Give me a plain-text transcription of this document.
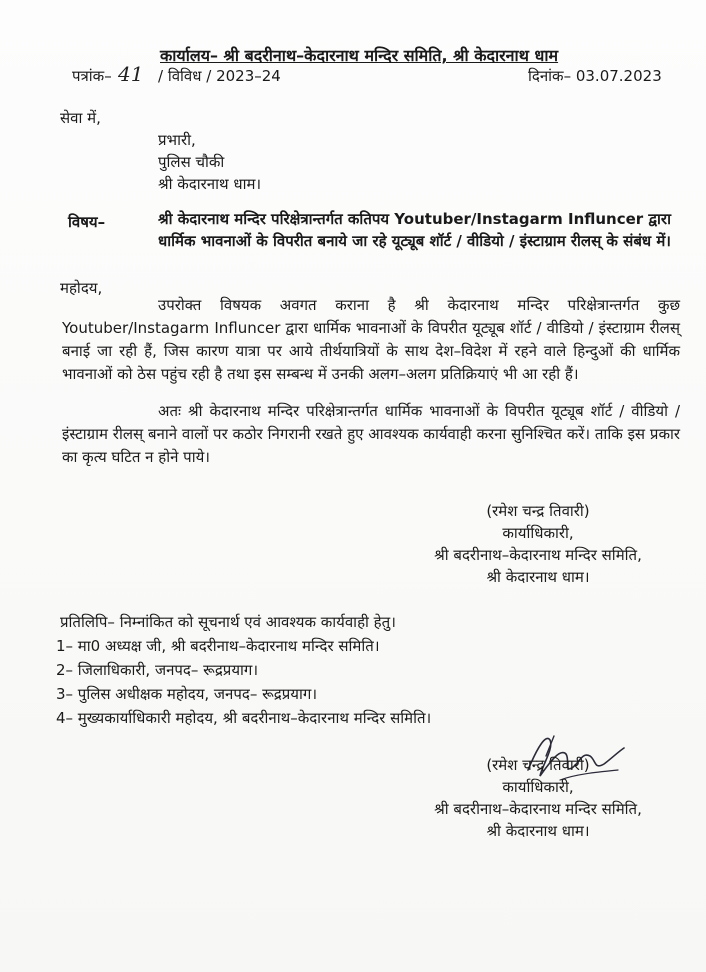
कार्यालय– श्री बदरीनाथ–केदारनाथ मन्दिर समिति, श्री केदारनाथ धाम
पत्रांक– 41 / विविध / 2023–24	दिनांक– 03.07.2023
सेवा में,
प्रभारी,
पुलिस चौकी
श्री केदारनाथ धाम।
विषय–	श्री केदारनाथ मन्दिर परिक्षेत्रान्तर्गत कतिपय Youtuber/Instagarm Influncer द्वारा धार्मिक भावनाओं के विपरीत बनाये जा रहे यूट्यूब शॉर्ट / वीडियो / इंस्टाग्राम रीलस् के संबंध में।
महोदय,
उपरोक्त विषयक अवगत कराना है श्री केदारनाथ मन्दिर परिक्षेत्रान्तर्गत कुछ Youtuber/Instagarm Influncer द्वारा धार्मिक भावनाओं के विपरीत यूट्यूब शॉर्ट / वीडियो / इंस्टाग्राम रीलस् बनाई जा रही हैं, जिस कारण यात्रा पर आये तीर्थयात्रियों के साथ देश–विदेश में रहने वाले हिन्दुओं की धार्मिक भावनाओं को ठेस पहुंच रही है तथा इस सम्बन्ध में उनकी अलग–अलग प्रतिक्रियाएं भी आ रही हैं।
अतः श्री केदारनाथ मन्दिर परिक्षेत्रान्तर्गत धार्मिक भावनाओं के विपरीत यूट्यूब शॉर्ट / वीडियो / इंस्टाग्राम रीलस् बनाने वालों पर कठोर निगरानी रखते हुए आवश्यक कार्यवाही करना सुनिश्चित करें। ताकि इस प्रकार का कृत्य घटित न होने पाये।
(रमेश चन्द्र तिवारी)
कार्याधिकारी,
श्री बदरीनाथ–केदारनाथ मन्दिर समिति,
श्री केदारनाथ धाम।
प्रतिलिपि– निम्नांकित को सूचनार्थ एवं आवश्यक कार्यवाही हेतु।
1– मा0 अध्यक्ष जी, श्री बदरीनाथ–केदारनाथ मन्दिर समिति।
2– जिलाधिकारी, जनपद– रूद्रप्रयाग।
3– पुलिस अधीक्षक महोदय, जनपद– रूद्रप्रयाग।
4– मुख्यकार्याधिकारी महोदय, श्री बदरीनाथ–केदारनाथ मन्दिर समिति।
(रमेश चन्द्र तिवारी)
कार्याधिकारी,
श्री बदरीनाथ–केदारनाथ मन्दिर समिति,
श्री केदारनाथ धाम।
